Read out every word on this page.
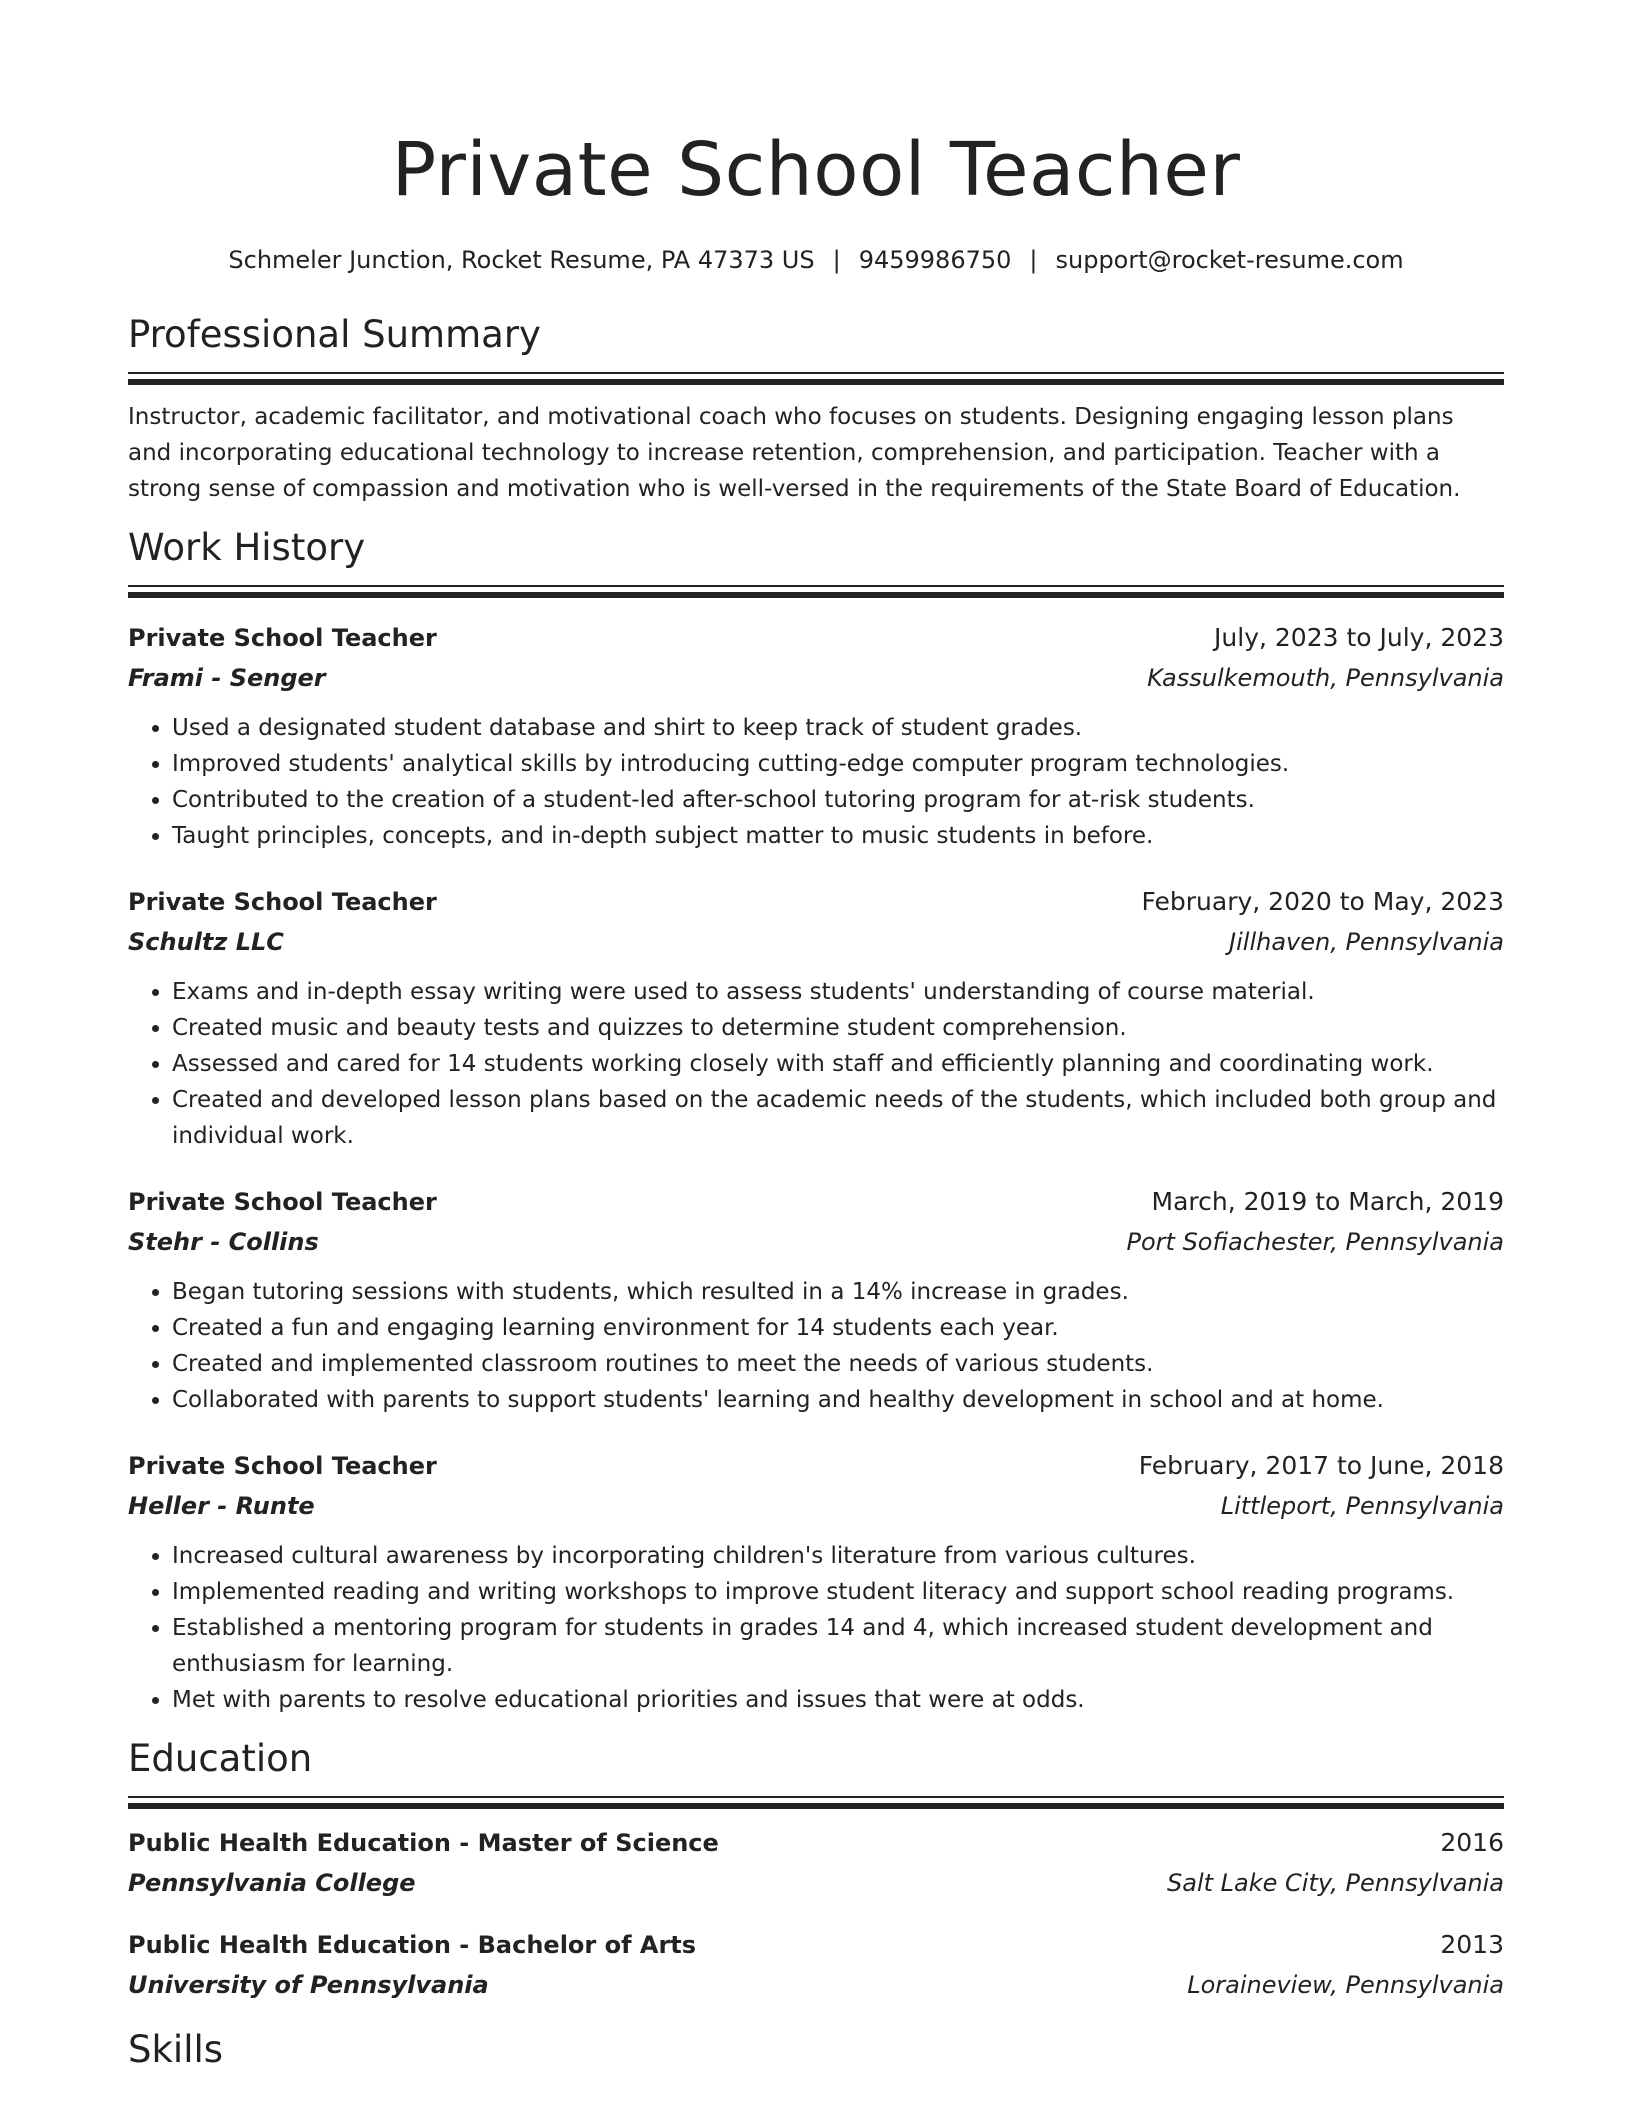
Private School Teacher
Schmeler Junction, Rocket Resume, PA 47373 US | 9459986750 | support@rocket-resume.com
Professional Summary
Instructor, academic facilitator, and motivational coach who focuses on students. Designing engaging lesson plans and incorporating educational technology to increase retention, comprehension, and participation. Teacher with a strong sense of compassion and motivation who is well-versed in the requirements of the State Board of Education.
Work History
Private School Teacher	July, 2023 to July, 2023
Frami - Senger	Kassulkemouth, Pennsylvania
• Used a designated student database and shirt to keep track of student grades.
• Improved students' analytical skills by introducing cutting-edge computer program technologies.
• Contributed to the creation of a student-led after-school tutoring program for at-risk students.
• Taught principles, concepts, and in-depth subject matter to music students in before.
Private School Teacher	February, 2020 to May, 2023
Schultz LLC	Jillhaven, Pennsylvania
• Exams and in-depth essay writing were used to assess students' understanding of course material.
• Created music and beauty tests and quizzes to determine student comprehension.
• Assessed and cared for 14 students working closely with staff and efficiently planning and coordinating work.
• Created and developed lesson plans based on the academic needs of the students, which included both group and individual work.
Private School Teacher	March, 2019 to March, 2019
Stehr - Collins	Port Sofiachester, Pennsylvania
• Began tutoring sessions with students, which resulted in a 14% increase in grades.
• Created a fun and engaging learning environment for 14 students each year.
• Created and implemented classroom routines to meet the needs of various students.
• Collaborated with parents to support students' learning and healthy development in school and at home.
Private School Teacher	February, 2017 to June, 2018
Heller - Runte	Littleport, Pennsylvania
• Increased cultural awareness by incorporating children's literature from various cultures.
• Implemented reading and writing workshops to improve student literacy and support school reading programs.
• Established a mentoring program for students in grades 14 and 4, which increased student development and enthusiasm for learning.
• Met with parents to resolve educational priorities and issues that were at odds.
Education
Public Health Education - Master of Science	2016
Pennsylvania College	Salt Lake City, Pennsylvania
Public Health Education - Bachelor of Arts	2013
University of Pennsylvania	Loraineview, Pennsylvania
Skills
